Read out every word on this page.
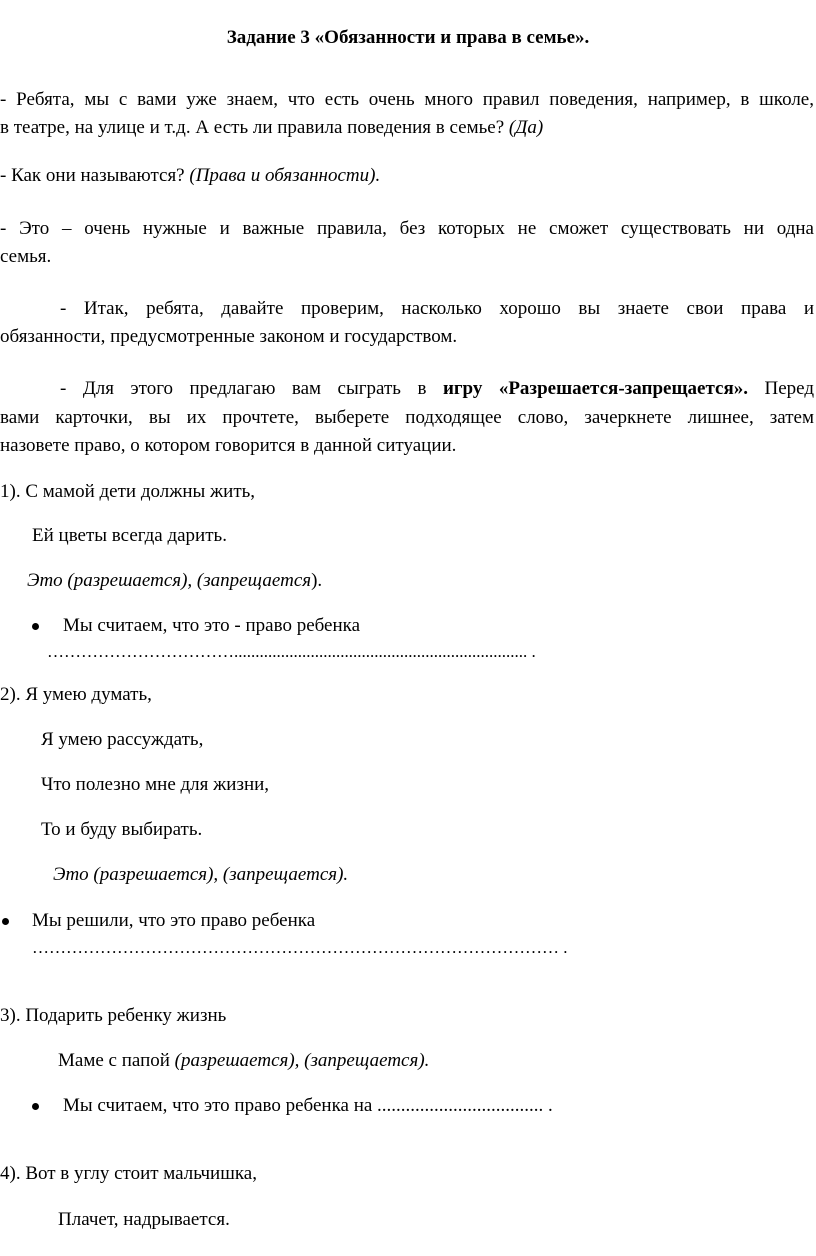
Задание 3 «Обязанности и права в семье».
- Ребята, мы с вами уже знаем, что есть очень много правил поведения, например, в школе,
в театре, на улице и т.д. А есть ли правила поведения в семье? (Да)
- Как они называются? (Права и обязанности).
- Это – очень нужные и важные правила, без которых не сможет существовать ни одна
семья.
- Итак, ребята, давайте проверим, насколько хорошо вы знаете свои права и
обязанности, предусмотренные законом и государством.
- Для этого предлагаю вам сыграть в игру «Разрешается-запрещается». Перед
вами карточки, вы их прочтете, выберете подходящее слово, зачеркнете лишнее, затем
назовете право, о котором говорится в данной ситуации.
1). С мамой дети должны жить,
Ей цветы всегда дарить.
Это (разрешается), (запрещается).
Мы считаем, что это - право ребенка
……………………………..................................................................... .
2). Я умею думать,
Я умею рассуждать,
Что полезно мне для жизни,
То и буду выбирать.
Это (разрешается), (запрещается).
Мы решили, что это право ребенка
………………………………………………………………………………… .
3). Подарить ребенку жизнь
Маме с папой (разрешается), (запрещается).
Мы считаем, что это право ребенка на ................................... .
4). Вот в углу стоит мальчишка,
Плачет, надрывается.
